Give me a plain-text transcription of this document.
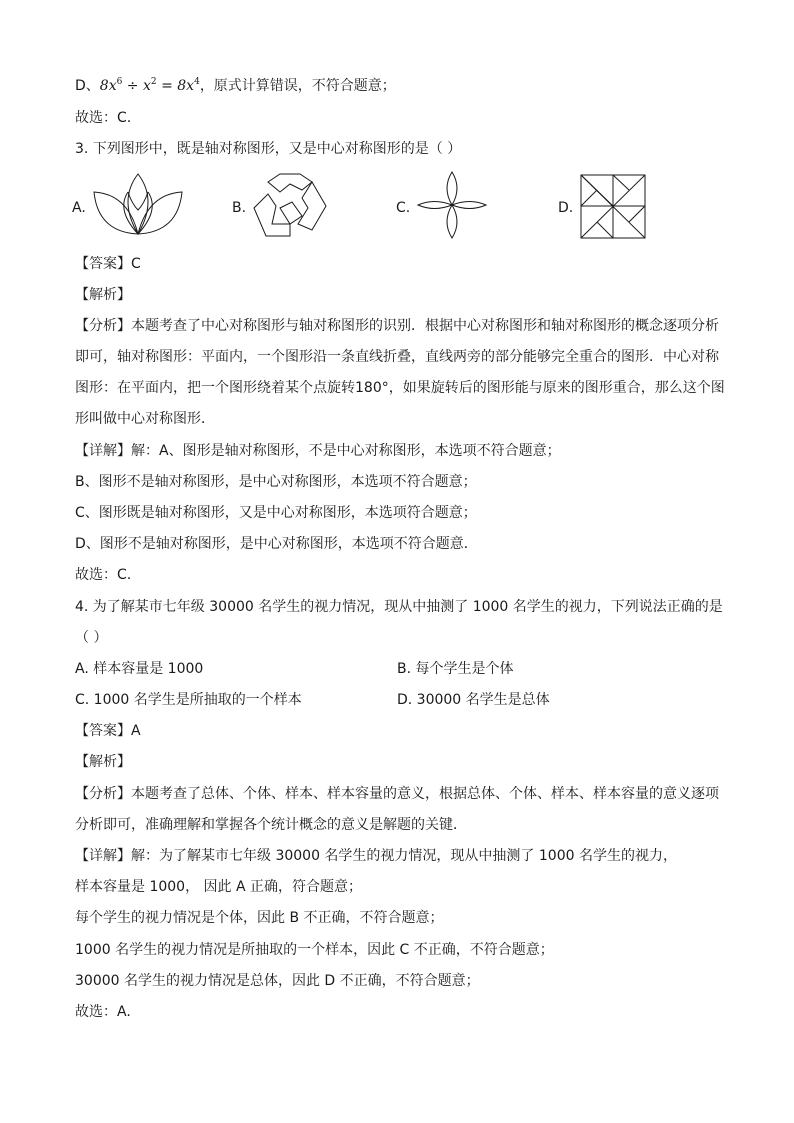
D、$8x^6 \div x^2 = 8x^4$，原式计算错误，不符合题意；
故选：C.
3. 下列图形中，既是轴对称图形，又是中心对称图形的是（ ）
A.	B.	C.	D.
【答案】C
【解析】
【分析】本题考查了中心对称图形与轴对称图形的识别．根据中心对称图形和轴对称图形的概念逐项分析
即可，轴对称图形：平面内，一个图形沿一条直线折叠，直线两旁的部分能够完全重合的图形．中心对称
图形：在平面内，把一个图形绕着某个点旋转180°，如果旋转后的图形能与原来的图形重合，那么这个图
形叫做中心对称图形．
【详解】解：A、图形是轴对称图形，不是中心对称图形，本选项不符合题意；
B、图形不是轴对称图形，是中心对称图形，本选项不符合题意；
C、图形既是轴对称图形，又是中心对称图形，本选项符合题意；
D、图形不是轴对称图形，是中心对称图形，本选项不符合题意．
故选：C.
4. 为了解某市七年级 30000 名学生的视力情况，现从中抽测了 1000 名学生的视力，下列说法正确的是
（ ）
A. 样本容量是 1000	B. 每个学生是个体
C. 1000 名学生是所抽取的一个样本	D. 30000 名学生是总体
【答案】A
【解析】
【分析】本题考查了总体、个体、样本、样本容量的意义，根据总体、个体、样本、样本容量的意义逐项
分析即可，准确理解和掌握各个统计概念的意义是解题的关键．
【详解】解：为了解某市七年级 30000 名学生的视力情况，现从中抽测了 1000 名学生的视力，
样本容量是 1000， 因此 A 正确，符合题意；
每个学生的视力情况是个体，因此 B 不正确，不符合题意；
1000 名学生的视力情况是所抽取的一个样本，因此 C 不正确，不符合题意；
30000 名学生的视力情况是总体，因此 D 不正确，不符合题意；
故选：A.
